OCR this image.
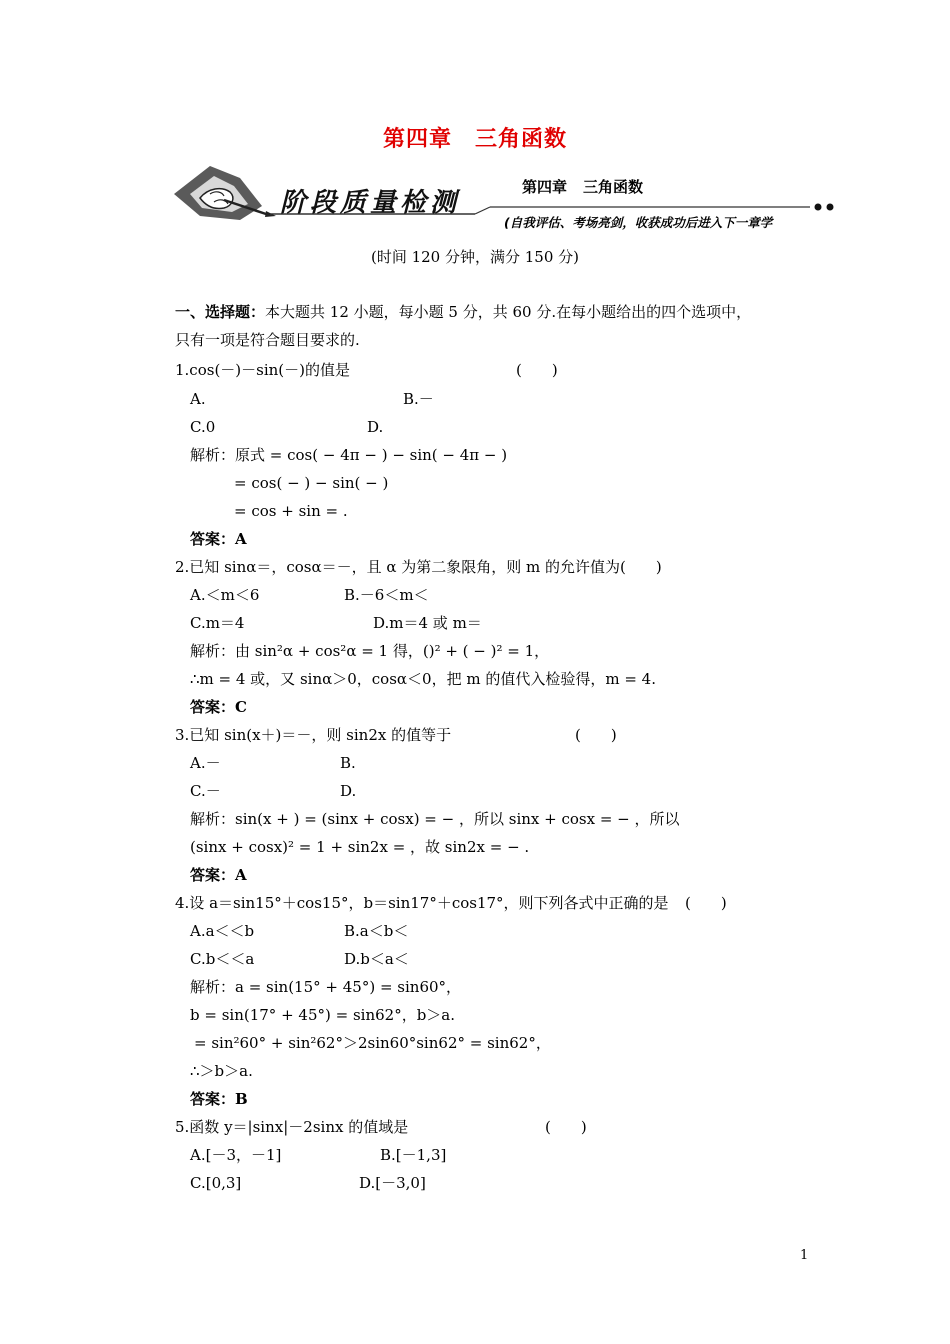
第四章　三角函数
阶段质量检测
第四章 三角函数
(自我评估、考场亮剑，收获成功后进入下一章学
(时间 120 分钟，满分 150 分)
一、选择题：本大题共 12 小题，每小题 5 分，共 60 分.在每小题给出的四个选项中，
只有一项是符合题目要求的.
1.cos(－)－sin(－)的值是	(　　)
A.	B.－
C.0	D.
解析：原式 = cos( − 4π − ) − sin( − 4π − )
= cos( − ) − sin( − )
= cos + sin = .
答案：A
2.已知 sinα＝，cosα＝－，且 α 为第二象限角，则 m 的允许值为(　　)
A.＜m＜6	B.－6＜m＜
C.m＝4	D.m＝4 或 m＝
解析：由 sin²α + cos²α = 1 得，()² + ( − )² = 1，
∴m = 4 或，又 sinα＞0，cosα＜0，把 m 的值代入检验得，m = 4.
答案：C
3.已知 sin(x＋)＝－，则 sin2x 的值等于	(　　)
A.－	B.
C.－	D.
解析：sin(x + ) = (sinx + cosx) = − ，所以 sinx + cosx = − ，所以
(sinx + cosx)² = 1 + sin2x = ，故 sin2x = − .
答案：A
4.设 a＝sin15°＋cos15°，b＝sin17°＋cos17°，则下列各式中正确的是 (　　)
A.a＜＜b	B.a＜b＜
C.b＜＜a	D.b＜a＜
解析：a = sin(15° + 45°) = sin60°，
b = sin(17° + 45°) = sin62°，b＞a.
= sin²60° + sin²62°＞2sin60°sin62° = sin62°，
∴＞b＞a.
答案：B
5.函数 y＝|sinx|－2sinx 的值域是	(　　)
A.[－3，－1]	B.[－1,3]
C.[0,3]	D.[－3,0]
1
